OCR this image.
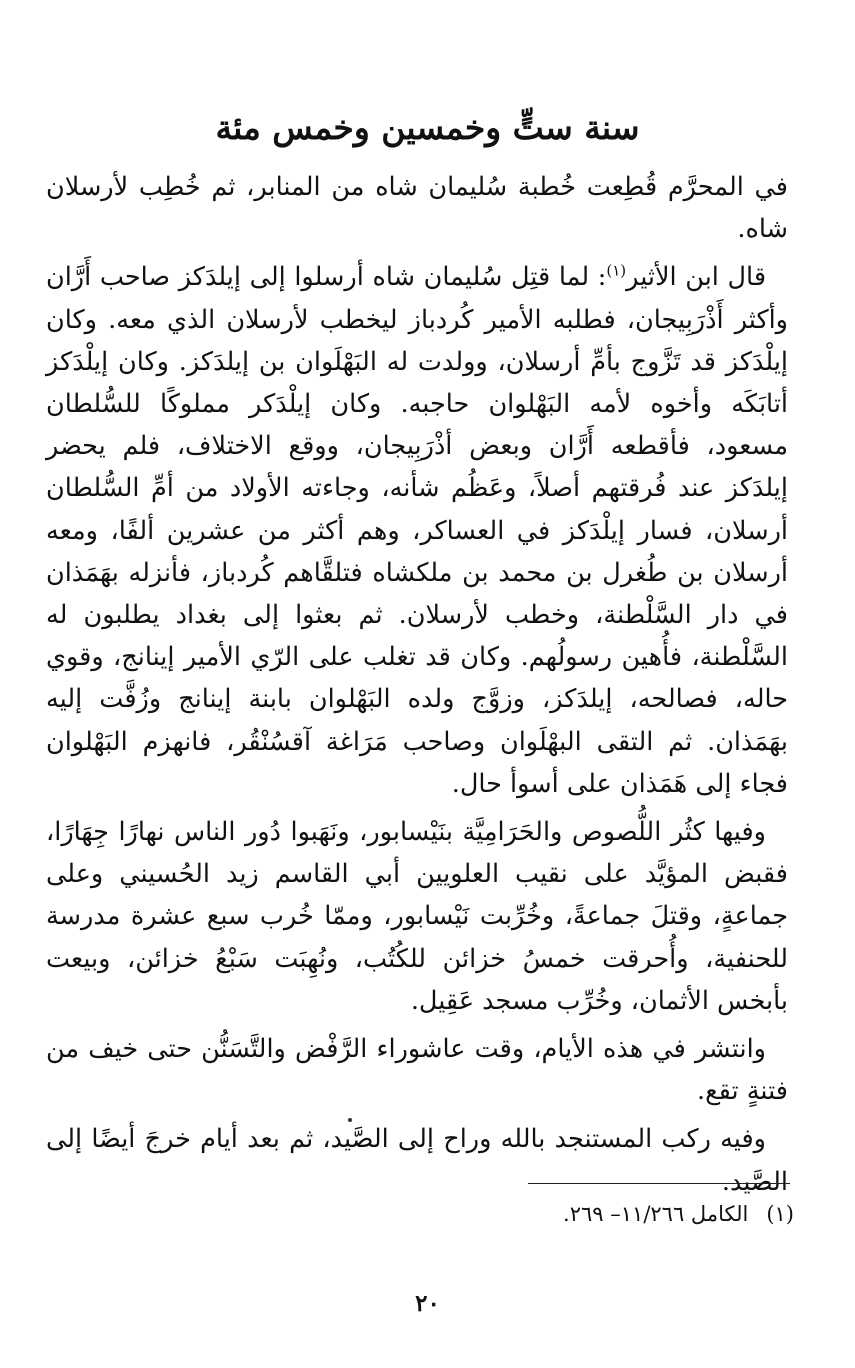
سنة ستٍّ وخمسين وخمس مئة

في المحرَّم قُطِعت خُطبة سُليمان شاه من المنابر، ثم خُطِب لأرسلان شاه.

قال ابن الأثير$^{(١)}$: لما قتِل سُليمان شاه أرسلوا إلى إيلدَكز صاحب أَرَّان وأكثر أَذْرَبِيجان، فطلبه الأمير كُردباز ليخطب لأرسلان الذي معه. وكان إيلْدَكز قد تَزَّوج بأمِّ أرسلان، وولدت له البَهْلَوان بن إيلدَكز. وكان إيلْدَكز أتابَكَه وأخوه لأمه البَهْلوان حاجبه. وكان إيلْدَكر مملوكًا للسُّلطان مسعود، فأقطعه أَرَّان وبعض أذْرَبِيجان، ووقع الاختلاف، فلم يحضر إيلدَكز عند فُرقتهم أصلاً، وعَظُم شأنه، وجاءته الأولاد من أمِّ السُّلطان أرسلان، فسار إيلْدَكز في العساكر، وهم أكثر من عشرين ألفًا، ومعه أرسلان بن طُغرل بن محمد بن ملكشاه فتلقَّاهم كُردباز، فأنزله بهَمَذان في دار السَّلْطنة، وخطب لأرسلان. ثم بعثوا إلى بغداد يطلبون له السَّلْطنة، فأُهين رسولُهم. وكان قد تغلب على الرّي الأمير إينانج، وقوي حاله، فصالحه، إيلدَكز، وزوَّج ولده البَهْلوان بابنة إينانج وزُفَّت إليه بهَمَذان. ثم التقى البهْلَوان وصاحب مَرَاغة آقسُنْقُر، فانهزم البَهْلوان فجاء إلى هَمَذان على أسوأ حال.

وفيها كثُر اللُّصوص والحَرَامِيَّة بنَيْسابور، ونَهَبوا دُور الناس نهارًا جِهَارًا، فقبض المؤيَّد على نقيب العلويين أبي القاسم زيد الحُسيني وعلى جماعةٍ، وقتلَ جماعةً، وخُرِّبت نَيْسابور، وممّا خُرب سبع عشرة مدرسة للحنفية، وأُحرقت خمسُ خزائن للكُتُب، ونُهِبَت سَبْعُ خزائن، وبيعت بأبخس الأثمان، وخُرِّب مسجد عَقِيل.

وانتشر في هذه الأيام، وقت عاشوراء الرَّفْض والتَّسَنُّن حتى خيف من فتنةٍ تقع.

وفيه ركب المستنجد بالله وراح إلى الصَّيد، ثم بعد أيام خرجَ أيضًا إلى الصَّيد.

(١)الكامل ١١/٢٦٦– ٢٦٩.
٢٠
